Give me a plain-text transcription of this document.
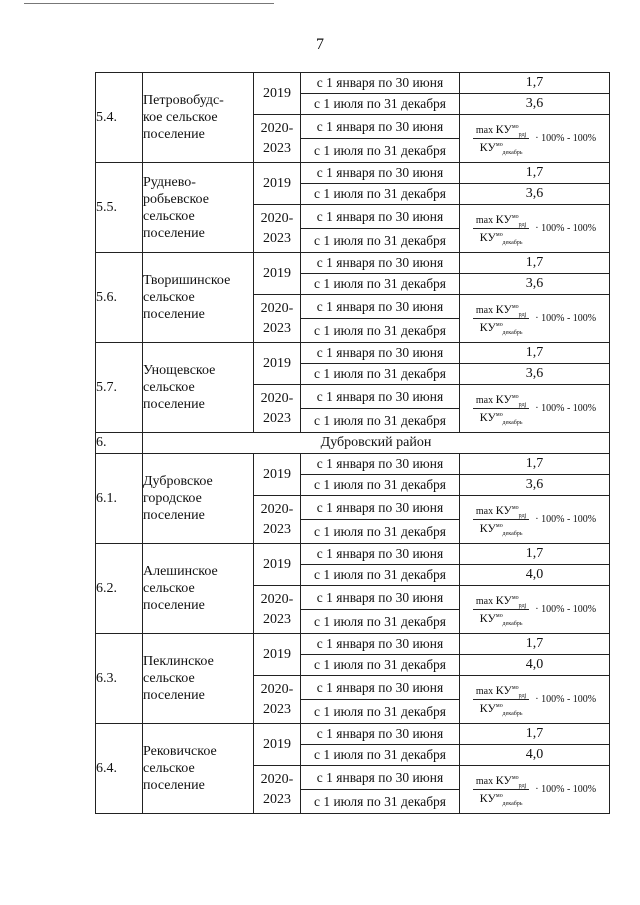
7
5.4.	Петровобудс-
кое сельское
поселение	2019	с 1 января по 30 июня	1,7
			с 1 июля по 31 декабря	3,6
		2020-
2023	с 1 января по 30 июня	$\frac{\max КУ^{мо}_{рдj}}{КУ^{мо}_{декабрь}} \cdot 100\% - 100\%$

			с 1 июля по 31 декабря	
5.5.	Руднево-
робьевское
сельское
поселение	2019	с 1 января по 30 июня	1,7
			с 1 июля по 31 декабря	3,6
		2020-
2023	с 1 января по 30 июня	$\frac{\max КУ^{мо}_{рдj}}{КУ^{мо}_{декабрь}} \cdot 100\% - 100\%$

			с 1 июля по 31 декабря	
5.6.	Творишинское
сельское
поселение	2019	с 1 января по 30 июня	1,7
			с 1 июля по 31 декабря	3,6
		2020-
2023	с 1 января по 30 июня	$\frac{\max КУ^{мо}_{рдj}}{КУ^{мо}_{декабрь}} \cdot 100\% - 100\%$

			с 1 июля по 31 декабря	
5.7.	Унощевское
сельское
поселение	2019	с 1 января по 30 июня	1,7
			с 1 июля по 31 декабря	3,6
		2020-
2023	с 1 января по 30 июня	$\frac{\max КУ^{мо}_{рдj}}{КУ^{мо}_{декабрь}} \cdot 100\% - 100\%$

			с 1 июля по 31 декабря	
6.	Дубровский район			
6.1.	Дубровское
городское
поселение	2019	с 1 января по 30 июня	1,7
			с 1 июля по 31 декабря	3,6
		2020-
2023	с 1 января по 30 июня	$\frac{\max КУ^{мо}_{рдj}}{КУ^{мо}_{декабрь}} \cdot 100\% - 100\%$

			с 1 июля по 31 декабря	
6.2.	Алешинское
сельское
поселение	2019	с 1 января по 30 июня	1,7
			с 1 июля по 31 декабря	4,0
		2020-
2023	с 1 января по 30 июня	$\frac{\max КУ^{мо}_{рдj}}{КУ^{мо}_{декабрь}} \cdot 100\% - 100\%$

			с 1 июля по 31 декабря	
6.3.	Пеклинское
сельское
поселение	2019	с 1 января по 30 июня	1,7
			с 1 июля по 31 декабря	4,0
		2020-
2023	с 1 января по 30 июня	$\frac{\max КУ^{мо}_{рдj}}{КУ^{мо}_{декабрь}} \cdot 100\% - 100\%$

			с 1 июля по 31 декабря	
6.4.	Рековичское
сельское
поселение	2019	с 1 января по 30 июня	1,7
			с 1 июля по 31 декабря	4,0
		2020-
2023	с 1 января по 30 июня	$\frac{\max КУ^{мо}_{рдj}}{КУ^{мо}_{декабрь}} \cdot 100\% - 100\%$

			с 1 июля по 31 декабря	
